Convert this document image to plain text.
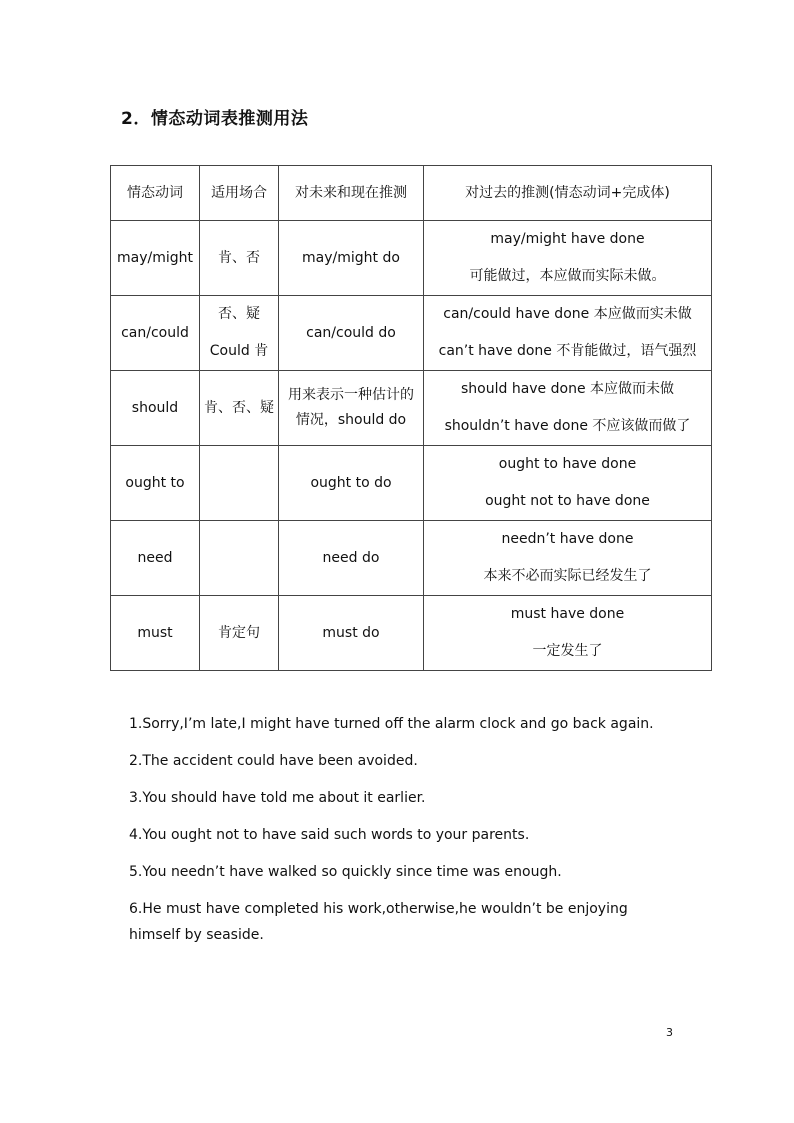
2．情态动词表推测用法
情态动词	适用场合	对未来和现在推测	对过去的推测(情态动词+完成体)
may/might	肯、否	may/might do	may/might have done
可能做过，本应做而实际未做。

can/could	否、疑
Could 肯	can/could do	can/could have done 本应做而实未做
can’t have done 不肯能做过，语气强烈

should	肯、否、疑	用来表示一种估计的情况，should do	should have done 本应做而未做
shouldn’t have done 不应该做而做了

ought to		ought to do	ought to have done
ought not to have done

need		need do	needn’t have done
本来不必而实际已经发生了

must	肯定句	must do	must have done
一定发生了

1.Sorry,I’m late,I might have turned off the alarm clock and go back again.

2.The accident could have been avoided.

3.You should have told me about it earlier.

4.You ought not to have said such words to your parents.

5.You needn’t have walked so quickly since time was enough.

6.He must have completed his work,otherwise,he wouldn’t be enjoying himself by seaside.

3
